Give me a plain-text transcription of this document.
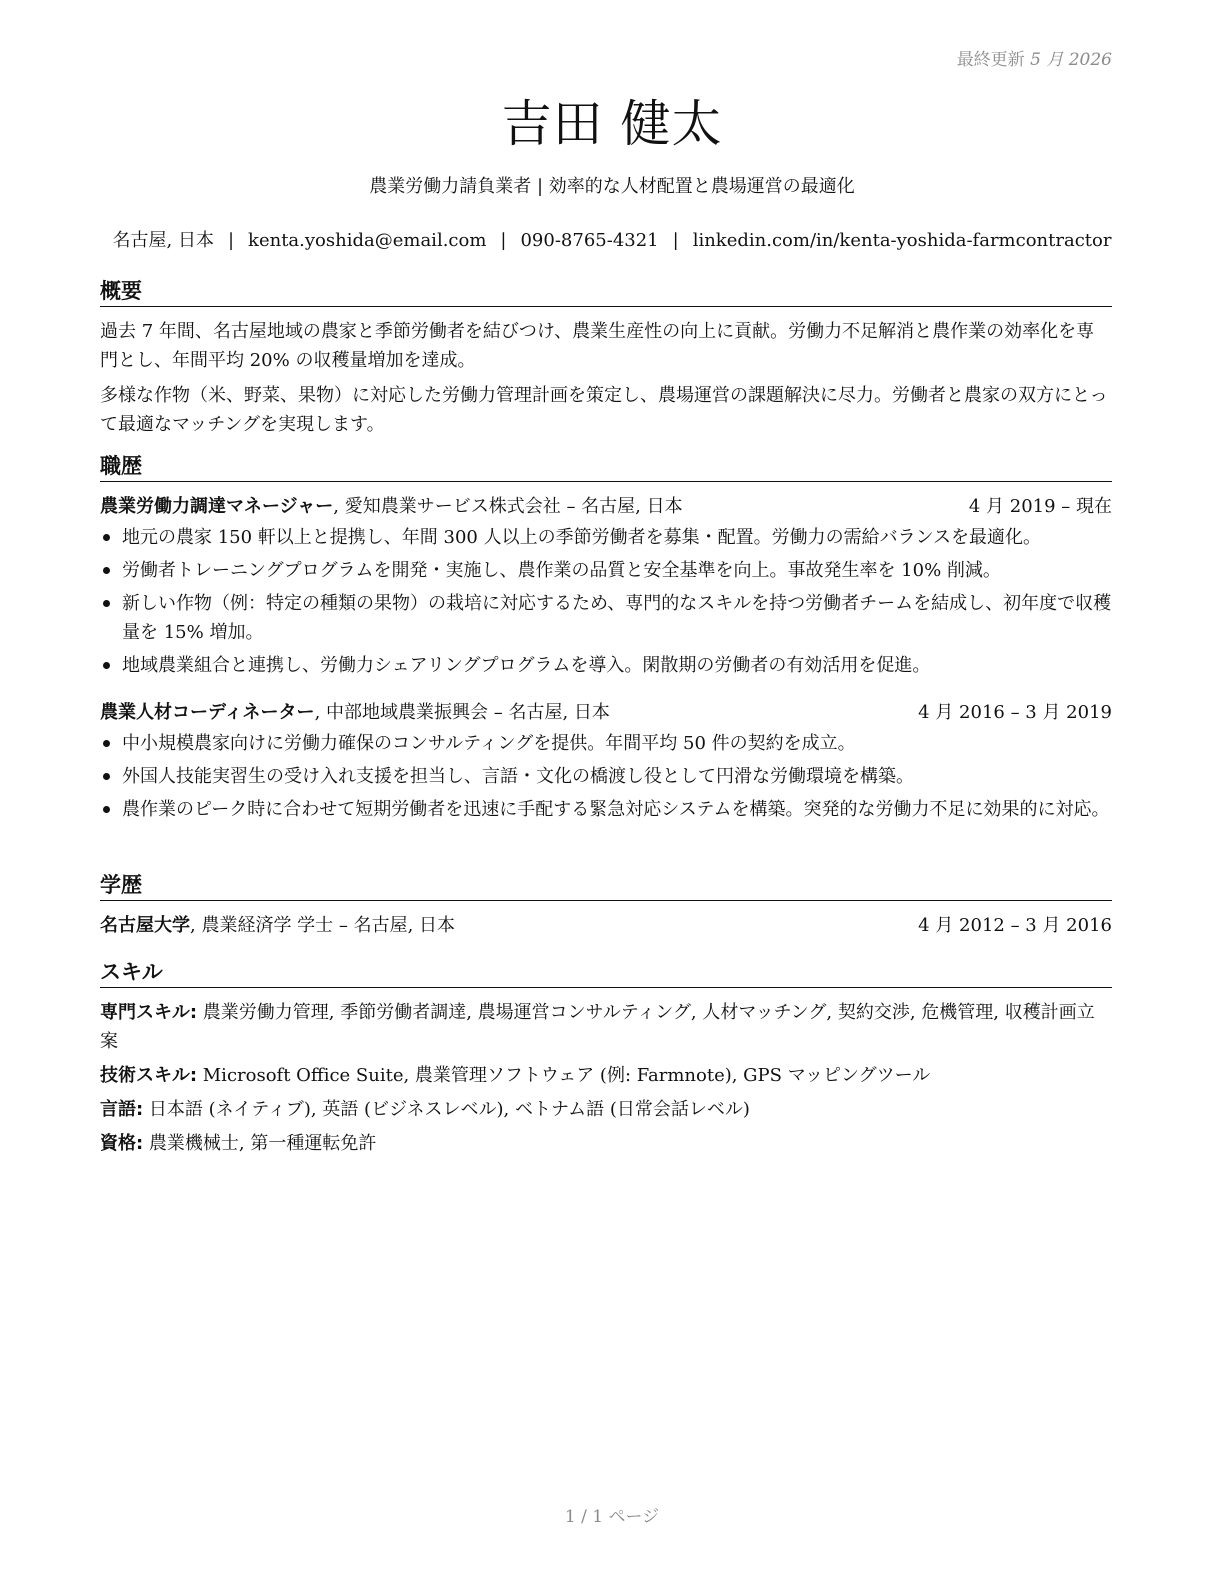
最終更新 5 月 2026
吉田 健太
農業労働力請負業者 | 効率的な人材配置と農場運営の最適化
名古屋, 日本 | kenta.yoshida@email.com | 090-8765-4321 | linkedin.com/in/kenta-yoshida-farmcontractor
概要

過去 7 年間、名古屋地域の農家と季節労働者を結びつけ、農業生産性の向上に貢献。労働力不足解消と農作業の効率化を専門とし、年間平均 20% の収穫量増加を達成。

多様な作物（米、野菜、果物）に対応した労働力管理計画を策定し、農場運営の課題解決に尽力。労働者と農家の双方にとって最適なマッチングを実現します。

職歴
農業労働力調達マネージャー, 愛知農業サービス株式会社 – 名古屋, 日本	4 月 2019 – 現在
地元の農家 150 軒以上と提携し、年間 300 人以上の季節労働者を募集・配置。労働力の需給バランスを最適化。
労働者トレーニングプログラムを開発・実施し、農作業の品質と安全基準を向上。事故発生率を 10% 削減。
新しい作物（例：特定の種類の果物）の栽培に対応するため、専門的なスキルを持つ労働者チームを結成し、初年度で収穫量を 15% 増加。
地域農業組合と連携し、労働力シェアリングプログラムを導入。閑散期の労働者の有効活用を促進。
農業人材コーディネーター, 中部地域農業振興会 – 名古屋, 日本	4 月 2016 – 3 月 2019
中小規模農家向けに労働力確保のコンサルティングを提供。年間平均 50 件の契約を成立。
外国人技能実習生の受け入れ支援を担当し、言語・文化の橋渡し役として円滑な労働環境を構築。
農作業のピーク時に合わせて短期労働者を迅速に手配する緊急対応システムを構築。突発的な労働力不足に効果的に対応。
学歴
名古屋大学, 農業経済学 学士 – 名古屋, 日本	4 月 2012 – 3 月 2016
スキル
専門スキル: 農業労働力管理, 季節労働者調達, 農場運営コンサルティング, 人材マッチング, 契約交渉, 危機管理, 収穫計画立案
技術スキル: Microsoft Office Suite, 農業管理ソフトウェア (例: Farmnote), GPS マッピングツール
言語: 日本語 (ネイティブ), 英語 (ビジネスレベル), ベトナム語 (日常会話レベル)
資格: 農業機械士, 第一種運転免許
1 / 1 ページ
